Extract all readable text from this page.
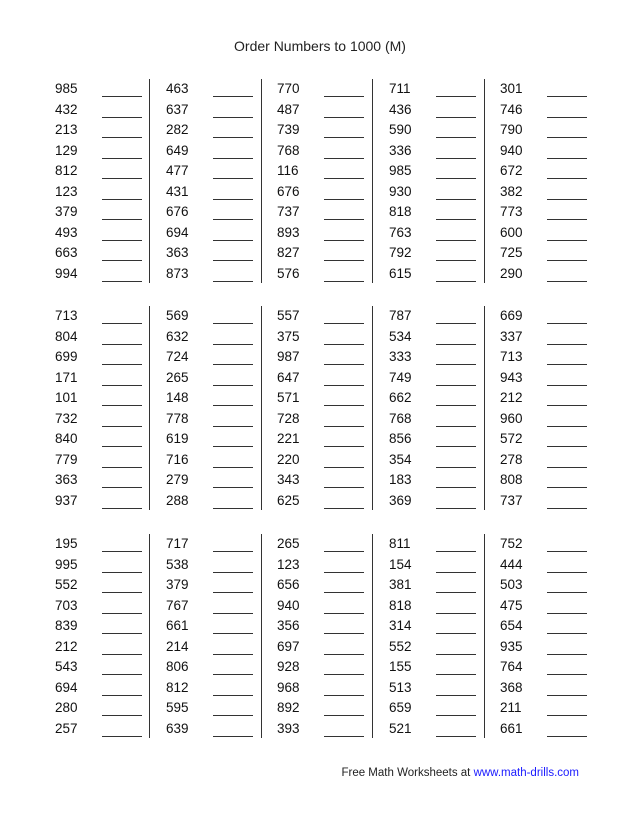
Order Numbers to 1000 (M)
985
432
213
129
812
123
379
493
663
994
463
637
282
649
477
431
676
694
363
873
770
487
739
768
116
676
737
893
827
576
711
436
590
336
985
930
818
763
792
615
301
746
790
940
672
382
773
600
725
290
713
804
699
171
101
732
840
779
363
937
569
632
724
265
148
778
619
716
279
288
557
375
987
647
571
728
221
220
343
625
787
534
333
749
662
768
856
354
183
369
669
337
713
943
212
960
572
278
808
737
195
995
552
703
839
212
543
694
280
257
717
538
379
767
661
214
806
812
595
639
265
123
656
940
356
697
928
968
892
393
811
154
381
818
314
552
155
513
659
521
752
444
503
475
654
935
764
368
211
661
Free Math Worksheets at www.math-drills.com
